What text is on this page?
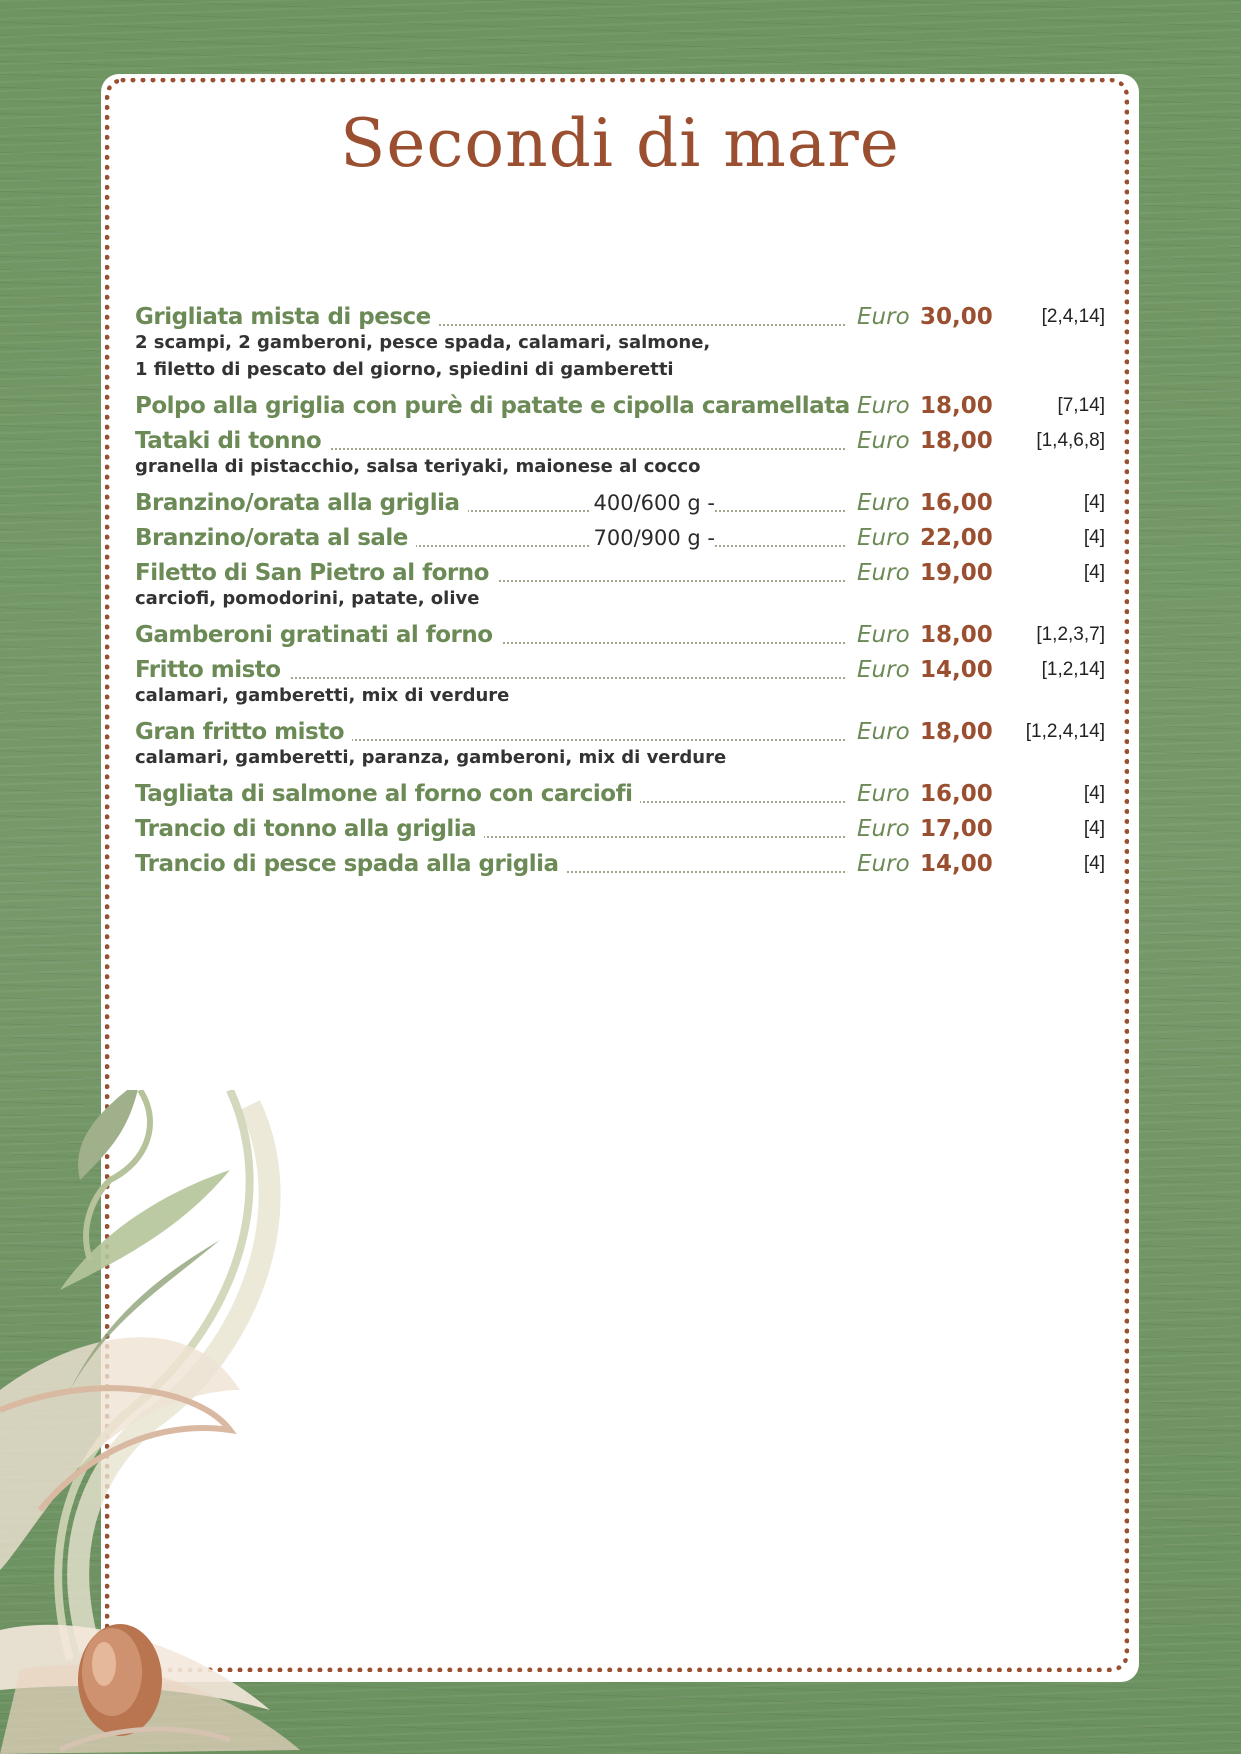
Secondi di mare
Grigliata mista di pesce	Euro 30,00	[2,4,14]
2 scampi, 2 gamberoni, pesce spada, calamari, salmone,
1 filetto di pescato del giorno, spiedini di gamberetti
Polpo alla griglia con purè di patate e cipolla caramellata Euro 18,00	[7,14]
Tataki di tonno	Euro 18,00 [1,4,6,8]
granella di pistacchio, salsa teriyaki, maionese al cocco
Branzino/orata alla griglia	400/600 g -	Euro 16,00	[4]
Branzino/orata al sale	700/900 g -	Euro 22,00	[4]
Filetto di San Pietro al forno	Euro 19,00	[4]
carciofi, pomodorini, patate, olive
Gamberoni gratinati al forno	Euro 18,00 [1,2,3,7]
Fritto misto	Euro 14,00	[1,2,14]
calamari, gamberetti, mix di verdure
Gran fritto misto	Euro 18,00 [1,2,4,14]
calamari, gamberetti, paranza, gamberoni, mix di verdure
Tagliata di salmone al forno con carciofi	Euro 16,00	[4]
Trancio di tonno alla griglia	Euro 17,00	[4]
Trancio di pesce spada alla griglia	Euro 14,00	[4]
